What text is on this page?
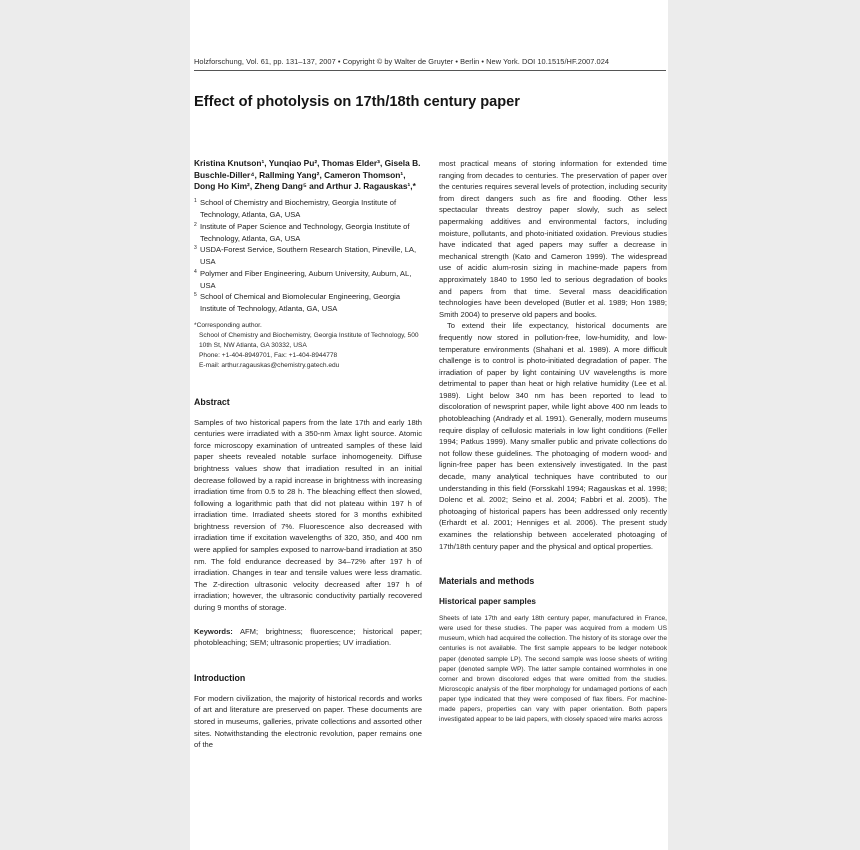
Holzforschung, Vol. 61, pp. 131–137, 2007 • Copyright © by Walter de Gruyter • Berlin • New York. DOI 10.1515/HF.2007.024
Effect of photolysis on 17th/18th century paper
Kristina Knutson¹, Yunqiao Pu², Thomas Elder³, Gisela B. Buschle-Diller⁴, Rallming Yang², Cameron Thomson¹, Dong Ho Kim², Zheng Dang⁵ and Arthur J. Ragauskas¹,*
1 School of Chemistry and Biochemistry, Georgia Institute of Technology, Atlanta, GA, USA
2 Institute of Paper Science and Technology, Georgia Institute of Technology, Atlanta, GA, USA
3 USDA-Forest Service, Southern Research Station, Pineville, LA, USA
4 Polymer and Fiber Engineering, Auburn University, Auburn, AL, USA
5 School of Chemical and Biomolecular Engineering, Georgia Institute of Technology, Atlanta, GA, USA
*Corresponding author.
School of Chemistry and Biochemistry, Georgia Institute of Technology, 500 10th St, NW Atlanta, GA 30332, USA
Phone: +1-404-8949701, Fax: +1-404-8944778
E-mail: arthur.ragauskas@chemistry.gatech.edu
Abstract

Samples of two historical papers from the late 17th and early 18th centuries were irradiated with a 350-nm λmax light source. Atomic force microscopy examination of untreated samples of these laid paper sheets revealed notable surface inhomogeneity. Diffuse brightness values show that irradiation resulted in an initial decrease followed by a rapid increase in brightness with increasing irradiation time from 0.5 to 28 h. The bleaching effect then slowed, following a logarithmic path that did not plateau within 197 h of irradiation time. Irradiated sheets stored for 3 months exhibited brightness reversion of 7%. Fluorescence also decreased with irradiation time if excitation wavelengths of 320, 350, and 400 nm were applied for samples exposed to narrow-band irradiation at 350 nm. The fold endurance decreased by 34–72% after 197 h of irradiation. Changes in tear and tensile values were less dramatic. The Z-direction ultrasonic velocity decreased after 197 h of irradiation; however, the ultrasonic conductivity partially recovered during 9 months of storage.

Keywords: AFM; brightness; fluorescence; historical paper; photobleaching; SEM; ultrasonic properties; UV irradiation.

Introduction

For modern civilization, the majority of historical records and works of art and literature are preserved on paper. These documents are stored in museums, galleries, private collections and assorted other sites. Notwithstanding the electronic revolution, paper remains one of the

most practical means of storing information for extended time ranging from decades to centuries. The preservation of paper over the centuries requires several levels of protection, including security from direct dangers such as fire and flooding. Other less spectacular threats destroy paper slowly, such as select papermaking additives and environmental factors, including moisture, pollutants, and photo-initiated oxidation. Previous studies have indicated that aged papers may suffer a decrease in mechanical strength (Kato and Cameron 1999). The widespread use of acidic alum-rosin sizing in machine-made papers from approximately 1840 to 1950 led to serious degradation of books and papers from that time. Several mass deacidification technologies have been developed (Butler et al. 1989; Hon 1989; Smith 2004) to preserve old papers and books.

To extend their life expectancy, historical documents are frequently now stored in pollution-free, low-humidity, and low-temperature environments (Shahani et al. 1989). A more difficult challenge is to control is photo-initiated degradation of paper. The irradiation of paper by light containing UV wavelengths is more detrimental to paper than heat or high relative humidity (Lee et al. 1989). Light below 340 nm has been reported to lead to discoloration of newsprint paper, while light above 400 nm leads to photobleaching (Andrady et al. 1991). Generally, modern museums require display of cellulosic materials in low light conditions (Feller 1994; Patkus 1999). Many smaller public and private collections do not follow these guidelines. The photoaging of modern wood- and lignin-free paper has been extensively investigated. In the past decade, many analytical techniques have contributed to our understanding in this field (Forsskahl 1994; Ragauskas et al. 1998; Dolenc et al. 2002; Seino et al. 2004; Fabbri et al. 2005). The photoaging of historical papers has been addressed only recently (Erhardt et al. 2001; Henniges et al. 2006). The present study examines the relationship between accelerated photoaging of 17th/18th century paper and the physical and optical properties.

Materials and methods
Historical paper samples

Sheets of late 17th and early 18th century paper, manufactured in France, were used for these studies. The paper was acquired from a modern US museum, which had acquired the collection. The history of its storage over the centuries is not available. The first sample appears to be ledger notebook paper (denoted sample LP). The second sample was loose sheets of writing paper (denoted sample WP). The latter sample contained wormholes in one corner and brown discolored edges that were omitted from the studies. Microscopic analysis of the fiber morphology for undamaged portions of each paper type indicated that they were composed of flax fibers. For machine-made papers, properties can vary with paper orientation. Both papers investigated appear to be laid papers, with closely spaced wire marks across
